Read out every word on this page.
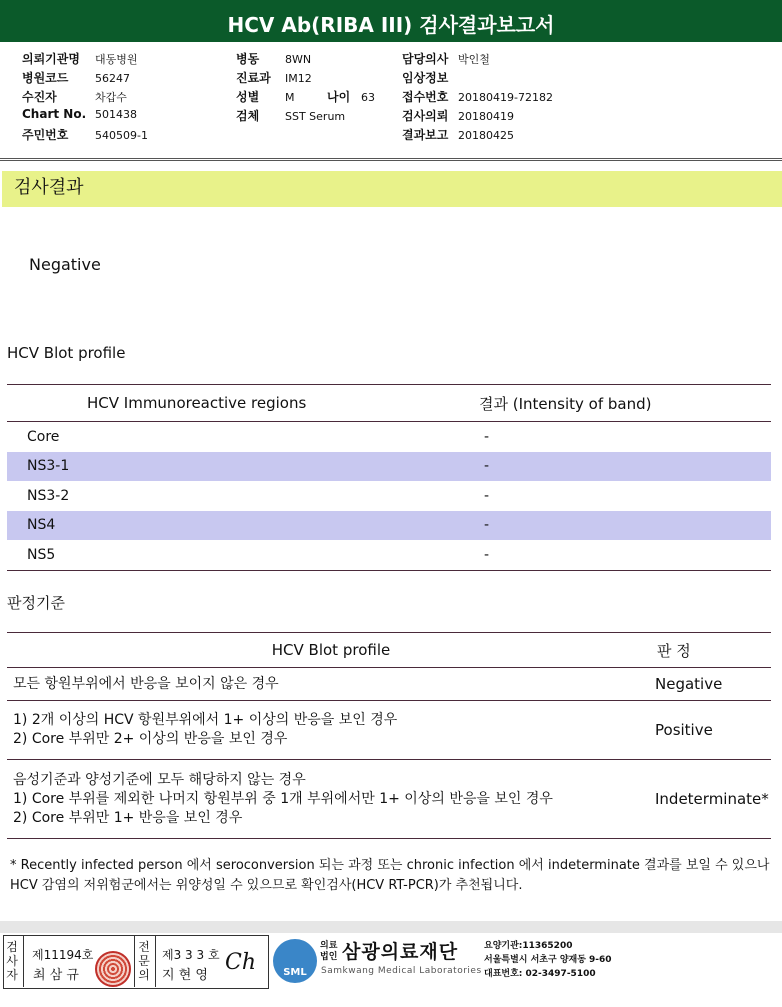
HCV Ab(RIBA III) 검사결과보고서
의뢰기관명 대동병원
병원코드 56247
수진자	차갑수
Chart No. 501438
주민번호 540509-1
병동 8WN
진료과 IM12
성별 M	나이 63
검체 SST Serum
담당의사 박인철
임상정보
접수번호 20180419-72182
검사의뢰 20180419
결과보고 20180425
검사결과
Negative
HCV Blot profile
HCV Immunoreactive regions	결과 (Intensity of band)
Core	-
NS3-1	-
NS3-2	-
NS4	-
NS5	-
판정기준
HCV Blot profile	판 정

모든 항원부위에서 반응을 보이지 않은 경우	Negative

1) 2개 이상의 HCV 항원부위에서 1+ 이상의 반응을 보인 경우
2) Core 부위만 2+ 이상의 반응을 보인 경우	Positive

음성기준과 양성기준에 모두 해당하지 않는 경우
1) Core 부위를 제외한 나머지 항원부위 중 1개 부위에서만 1+ 이상의 반응을 보인 경우
2) Core 부위만 1+ 반응을 보인 경우	Indeterminate*
* Recently infected person 에서 seroconversion 되는 과정 또는 chronic infection 에서 indeterminate 결과를 보일 수 있으나 HCV 감염의 저위험군에서는 위양성일 수 있으므로 확인검사(HCV RT-PCR)가 추천됩니다.
검사자
제11194호
최 삼 규
전문의
제3 3 3 호
지 현 영
Ch	SML
의료
법인 삼광의료재단
Samkwang Medical Laboratories
요양기관:11365200
서울특별시 서초구 양재동 9-60
대표번호: 02-3497-5100
